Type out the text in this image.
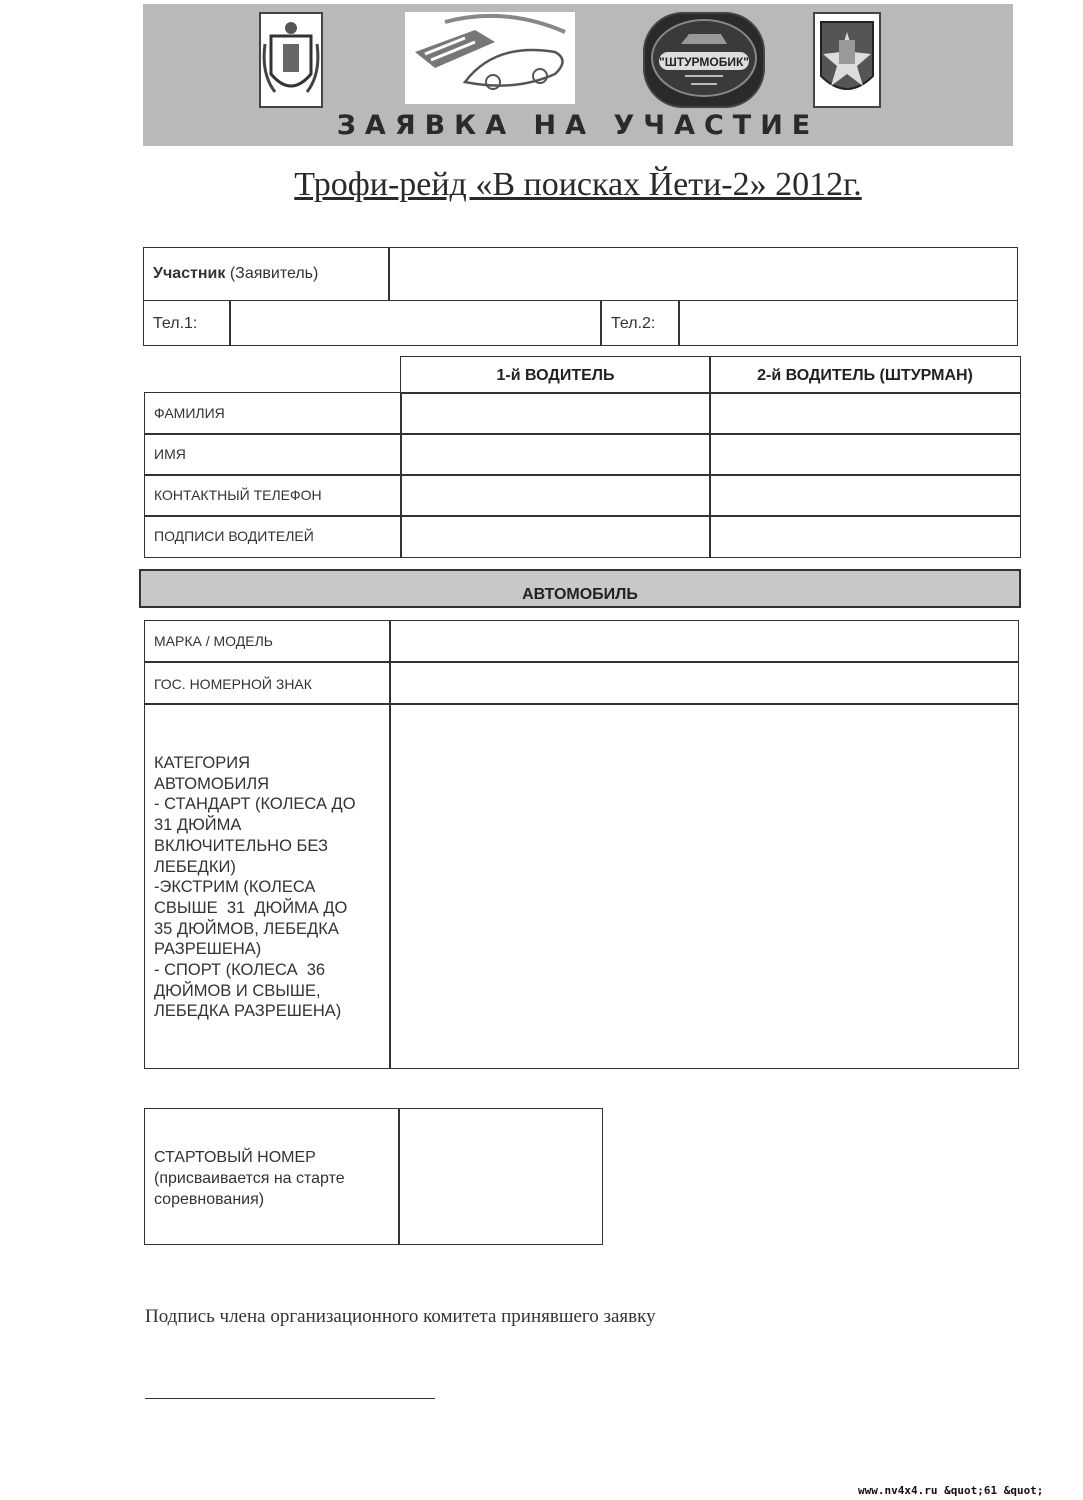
"ШТУРМОБИК"
ЗАЯВКА НА УЧАСТИЕ
Трофи-рейд «В поисках Йети-2» 2012г.
Участник (Заявитель)
Тел.1:	Тел.2:
1-й ВОДИТЕЛЬ	2-й ВОДИТЕЛЬ (ШТУРМАН)
ФАМИЛИЯ
ИМЯ
КОНТАКТНЫЙ ТЕЛЕФОН
ПОДПИСИ ВОДИТЕЛЕЙ
АВТОМОБИЛЬ
МАРКА / МОДЕЛЬ
ГОС. НОМЕРНОЙ ЗНАК
КАТЕГОРИЯ
АВТОМОБИЛЯ
- СТАНДАРТ (КОЛЕСА ДО
31 ДЮЙМА
ВКЛЮЧИТЕЛЬНО БЕЗ
ЛЕБЕДКИ)
-ЭКСТРИМ (КОЛЕСА
СВЫШЕ  31  ДЮЙМА ДО
35 ДЮЙМОВ, ЛЕБЕДКА
РАЗРЕШЕНА)
- СПОРТ (КОЛЕСА  36
ДЮЙМОВ И СВЫШЕ,
ЛЕБЕДКА РАЗРЕШЕНА)
СТАРТОВЫЙ НОМЕР
(присваивается на старте
соревнования)
Подпись члена организационного комитета принявшего заявку
www.nv4x4.ru &quot;61 &quot;
